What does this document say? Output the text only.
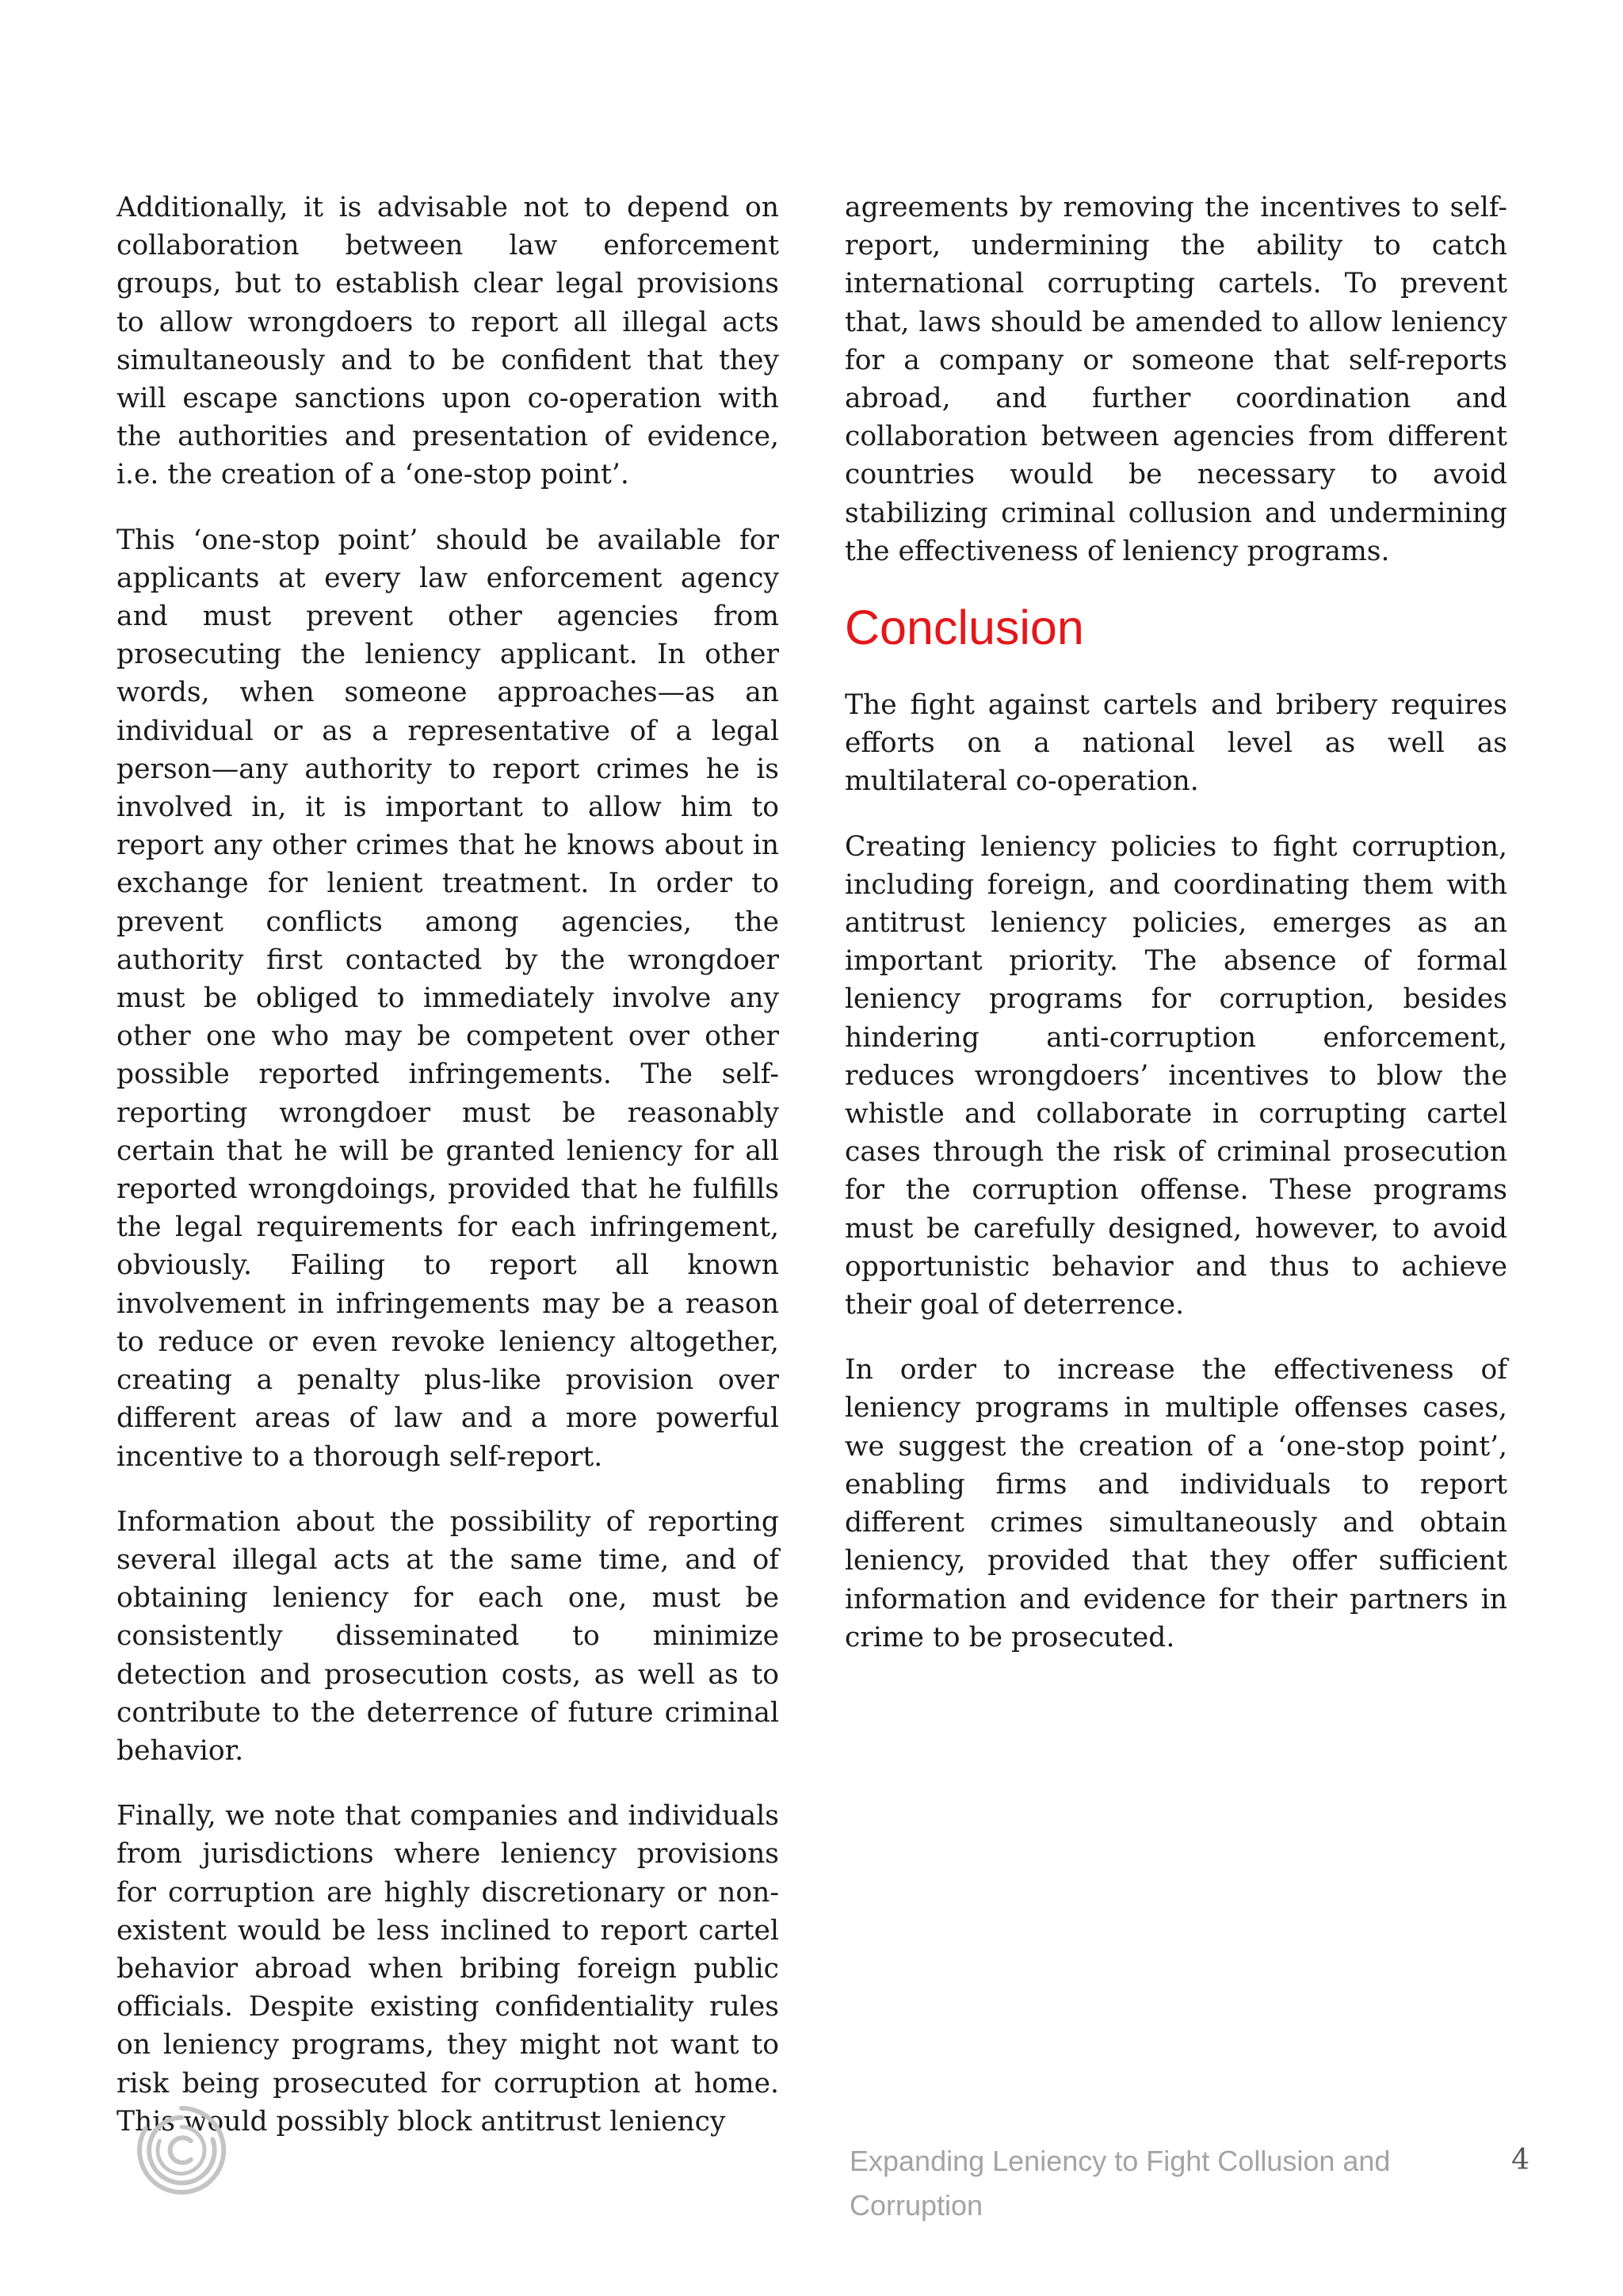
Additionally, it is advisable not to depend on collaboration between law enforcement groups, but to establish clear legal provisions to allow wrongdoers to report all illegal acts simultaneously and to be confident that they will escape sanctions upon co-operation with the authorities and presentation of evidence, i.e. the creation of a ‘one-stop point’.

This ‘one-stop point’ should be available for applicants at every law enforcement agency and must prevent other agencies from prosecuting the leniency applicant. In other words, when someone approaches—as an individual or as a representative of a legal person—any authority to report crimes he is involved in, it is important to allow him to report any other crimes that he knows about in exchange for lenient treatment. In order to prevent conflicts among agencies, the authority first contacted by the wrongdoer must be obliged to immediately involve any other one who may be competent over other possible reported infringements. The self-reporting wrongdoer must be reasonably certain that he will be granted leniency for all reported wrongdoings, provided that he fulfills the legal requirements for each infringement, obviously. Failing to report all known involvement in infringements may be a reason to reduce or even revoke leniency altogether, creating a penalty plus-like provision over different areas of law and a more powerful incentive to a thorough self-report.

Information about the possibility of reporting several illegal acts at the same time, and of obtaining leniency for each one, must be consistently disseminated to minimize detection and prosecution costs, as well as to contribute to the deterrence of future criminal behavior.

Finally, we note that companies and individuals from jurisdictions where leniency provisions for corruption are highly discretionary or non-existent would be less inclined to report cartel behavior abroad when bribing foreign public officials. Despite existing confidentiality rules on leniency programs, they might not want to risk being prosecuted for corruption at home. This would possibly block antitrust leniency

agreements by removing the incentives to self-report, undermining the ability to catch international corrupting cartels. To prevent that, laws should be amended to allow leniency for a company or someone that self-reports abroad, and further coordination and collaboration between agencies from different countries would be necessary to avoid stabilizing criminal collusion and undermining the effectiveness of leniency programs.

Conclusion

The fight against cartels and bribery requires efforts on a national level as well as multilateral co-operation.

Creating leniency policies to fight corruption, including foreign, and coordinating them with antitrust leniency policies, emerges as an important priority. The absence of formal leniency programs for corruption, besides hindering anti-corruption enforcement, reduces wrongdoers’ incentives to blow the whistle and collaborate in corrupting cartel cases through the risk of criminal prosecution for the corruption offense. These programs must be carefully designed, however, to avoid opportunistic behavior and thus to achieve their goal of deterrence.

In order to increase the effectiveness of leniency programs in multiple offenses cases, we suggest the creation of a ‘one-stop point’, enabling firms and individuals to report different crimes simultaneously and obtain leniency, provided that they offer sufficient information and evidence for their partners in crime to be prosecuted.

Expanding Leniency to Fight Collusion and Corruption
4
